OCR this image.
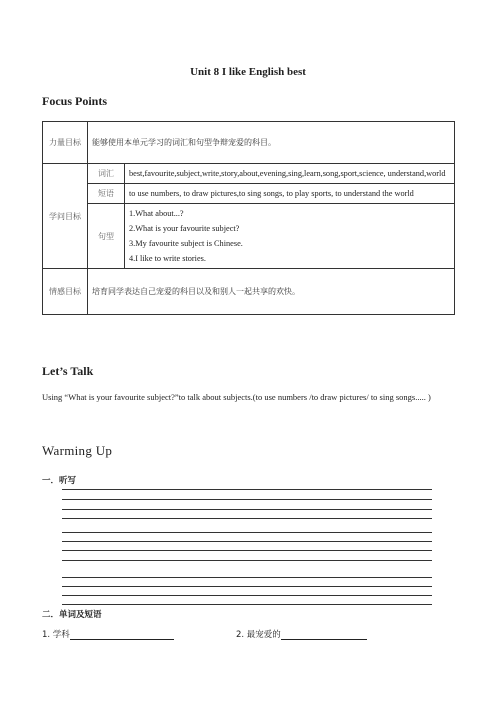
Unit 8 I like English best
Focus Points
力量目标	能够使用本单元学习的词汇和句型争辩宠爱的科目。	
学问目标	词汇	best,favourite,subject,write,story,about,evening,sing,learn,song,sport,science, understand,world
	短语	to use numbers, to draw pictures,to sing songs, to play sports, to understand the world
	句型	1.What about...?
2.What is your favourite subject?
3.My favourite subject is Chinese.
4.I like to write stories.

情感目标	培育同学表达自己宠爱的科目以及和别人一起共享的欢快。	
Let’s Talk
Using “What is your favourite subject?”to talk about subjects.(to use numbers /to draw pictures/ to sing songs..... )
Warming Up
一．听写
二．单词及短语
1. 学科	2. 最宠爱的
